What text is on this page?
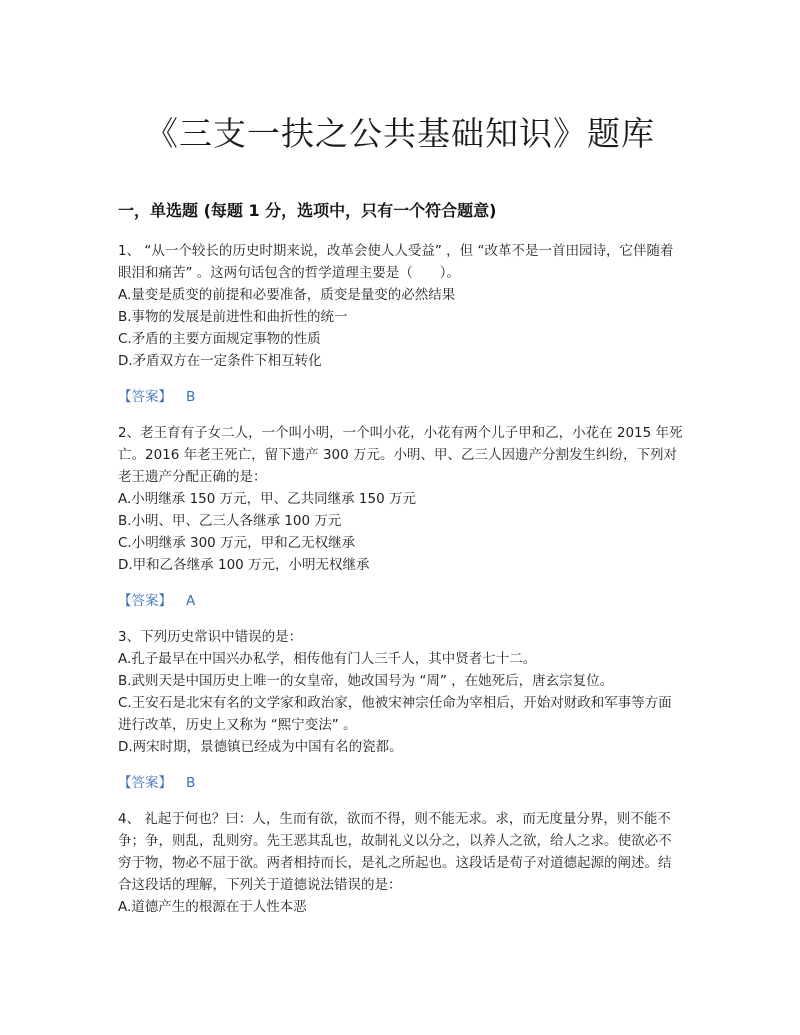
《三支一扶之公共基础知识》题库
一，单选题 (每题 1 分，选项中，只有一个符合题意)

1、 “从一个较长的历史时期来说，改革会使人人受益” ，但 “改革不是一首田园诗，它伴随着眼泪和痛苦” 。这两句话包含的哲学道理主要是（　　）。

A.量变是质变的前提和必要准备，质变是量变的必然结果

B.事物的发展是前进性和曲折性的统一

C.矛盾的主要方面规定事物的性质

D.矛盾双方在一定条件下相互转化

【答案】 B

2、老王育有子女二人，一个叫小明，一个叫小花，小花有两个儿子甲和乙，小花在 2015 年死亡。2016 年老王死亡，留下遗产 300 万元。小明、甲、乙三人因遗产分割发生纠纷，下列对老王遗产分配正确的是：

A.小明继承 150 万元，甲、乙共同继承 150 万元

B.小明、甲、乙三人各继承 100 万元

C.小明继承 300 万元，甲和乙无权继承

D.甲和乙各继承 100 万元，小明无权继承

【答案】 A

3、下列历史常识中错误的是：

A.孔子最早在中国兴办私学，相传他有门人三千人，其中贤者七十二。

B.武则天是中国历史上唯一的女皇帝，她改国号为 “周” ，在她死后，唐玄宗复位。

C.王安石是北宋有名的文学家和政治家，他被宋神宗任命为宰相后，开始对财政和军事等方面进行改革，历史上又称为 “熙宁变法” 。

D.两宋时期，景德镇已经成为中国有名的瓷都。

【答案】 B

4、 礼起于何也？曰：人，生而有欲，欲而不得，则不能无求。求，而无度量分界，则不能不争；争，则乱，乱则穷。先王恶其乱也，故制礼义以分之，以养人之欲，给人之求。使欲必不穷于物，物必不屈于欲。两者相持而长，是礼之所起也。这段话是荀子对道德起源的阐述。结合这段话的理解，下列关于道德说法错误的是：

A.道德产生的根源在于人性本恶
